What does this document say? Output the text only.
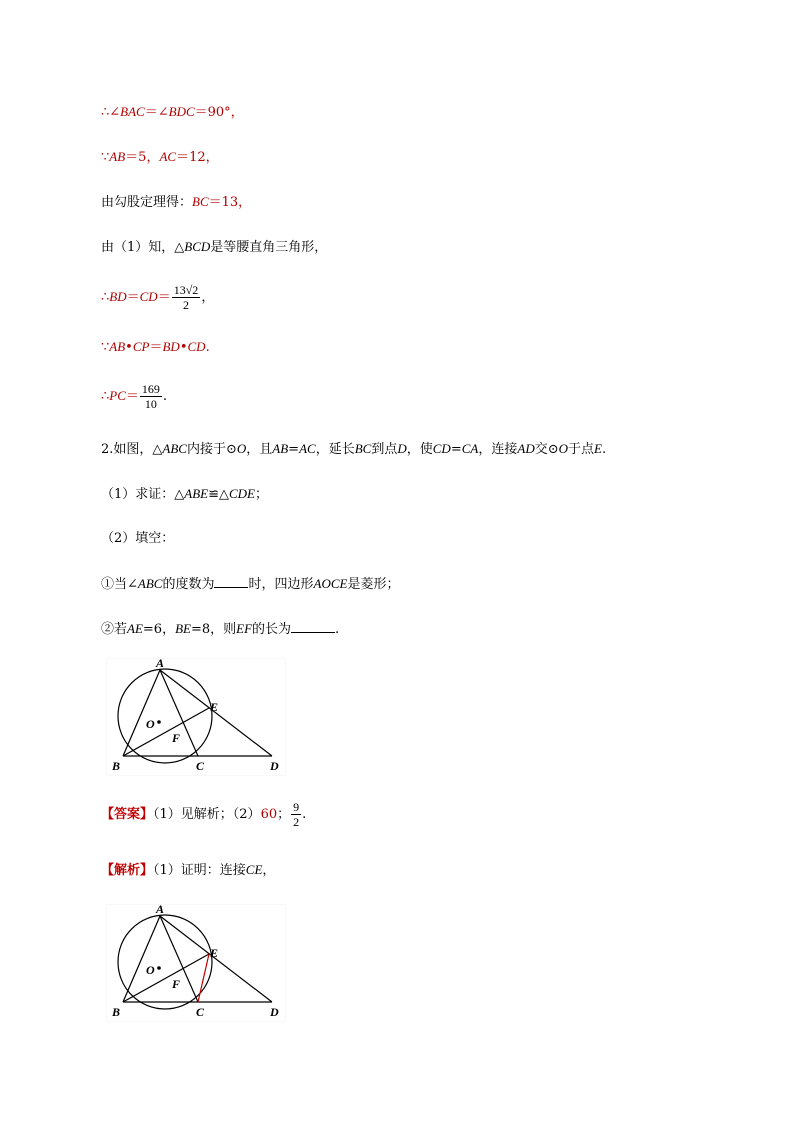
∴∠BAC＝∠BDC＝90°，
∵AB＝5，AC＝12，
由勾股定理得：BC＝13，
由（1）知，△BCD是等腰直角三角形，
∴BD＝CD＝ $\frac{13√2}{2}$ ，
∵AB•CP＝BD•CD.
∴PC＝ $\frac{169}{10}$ .
2.如图，△ABC内接于⊙O，且AB=AC，延长BC到点D，使CD=CA，连接AD交⊙O于点E.
（1）求证：△ABE≌△CDE；
（2）填空：
①当∠ABC的度数为	时，四边形AOCE是菱形；
②若AE=6，BE=8，则EF的长为	.
A
B	C	D
E
F
O
【答案】（1）见解析；（2）60； $\frac{9}{2}$ .
【解析】（1）证明：连接CE，
A
B	C	D
E
F
O
